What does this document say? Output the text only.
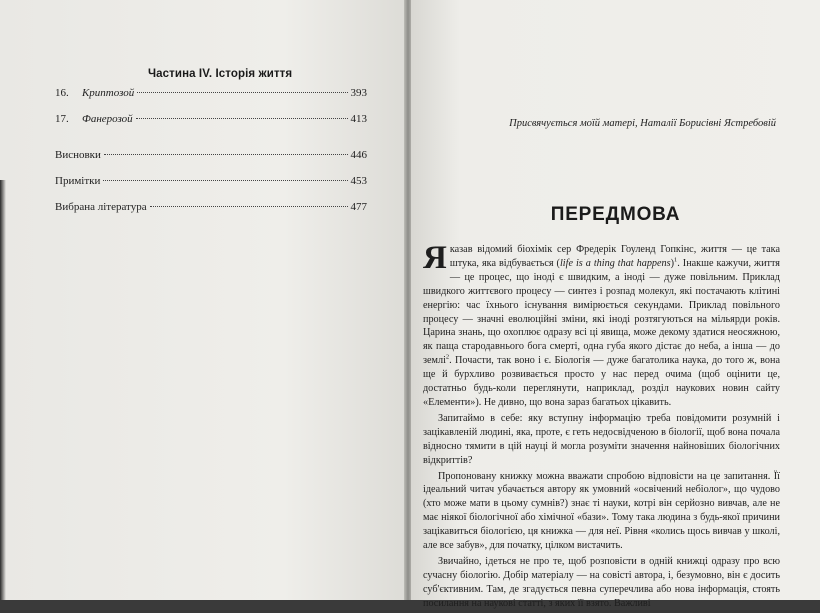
Частина IV. Історія життя
16.	Криптозой	393
17.	Фанерозой	413
Висновки	446
Примітки	453
Вибрана література	477
Присвячується моїй матері, Наталії Борисівні Ястребовій
ПЕРЕДМОВА

Я казав відомий біохімік сер Фредерік Гоуленд Гопкінс, життя — це така штука, яка відбувається (life is a thing that happens)$^1$. Інакше кажучи, життя — це процес, що іноді є швидким, а іноді — дуже повільним. Приклад швидкого життєвого процесу — синтез і розпад молекул, які постачають клітині енергію: час їхнього існування вимірюється секундами. Приклад повільного процесу — значні еволюційні зміни, які іноді розтягуються на мільярди років. Царина знань, що охоплює одразу всі ці явища, може декому здатися неосяжною, як паща стародавнього бога смерті, одна губа якого дістає до неба, а інша — до землі$^2$. Почасти, так воно і є. Біологія — дуже багатолика наука, до того ж, вона ще й бурхливо розвивається просто у нас перед очима (щоб оцінити це, достатньо будь-коли переглянути, наприклад, розділ наукових новин сайту «Елементи»). Не дивно, що вона зараз багатьох цікавить.

Запитаймо в себе: яку вступну інформацію треба повідомити розумній і зацікавленій людині, яка, проте, є геть недосвідченою в біології, щоб вона почала відносно тямити в цій науці й могла розуміти значення найновіших біологічних відкриттів?

Пропоновану книжку можна вважати спробою відповісти на це запитання. Її ідеальний читач убачається автору як умовний «освічений небіолог», що чудово (хто може мати в цьому сумнів?) знає ті науки, котрі він серйозно вивчав, але не має ніякої біологічної або хімічної «бази». Тому така людина з будь-якої причини зацікавиться біологією, ця книжка — для неї. Рівня «колись щось вивчав у школі, але все забув», для початку, цілком вистачить.

Звичайно, ідеться не про те, щоб розповісти в одній книжці одразу про всю сучасну біологію. Добір матеріалу — на совісті автора, і, безумовно, він є досить суб'єктивним. Там, де згадується певна суперечлива або нова інформація, стоять посилання на наукові статті, з яких її взято. Важливі
